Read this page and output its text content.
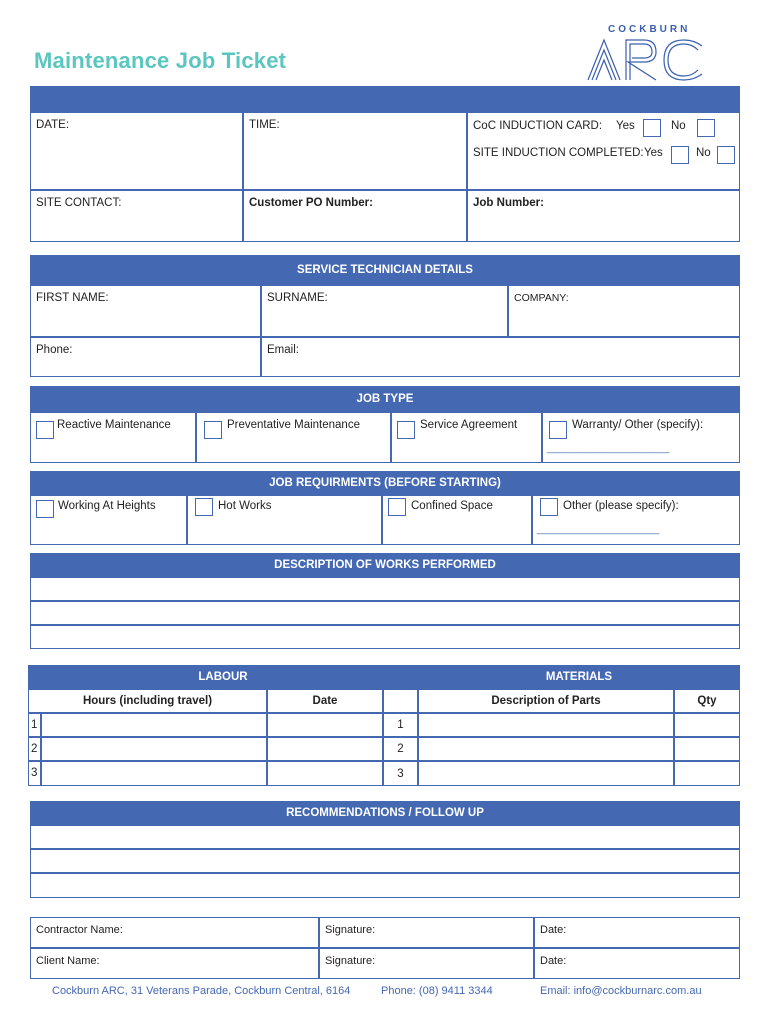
Maintenance Job Ticket
COCKBURN
DATE:	TIME:	CoC INDUCTION CARD: Yes	No
SITE INDUCTION COMPLETED: Yes	No
SITE CONTACT:	Customer PO Number:	Job Number:
SERVICE TECHNICIAN DETAILS
FIRST NAME:	SURNAME:	COMPANY:
Phone:	Email:
JOB TYPE
Reactive Maintenance	Preventative Maintenance	Service Agreement	Warranty/ Other (specify):
______________________
JOB REQUIRMENTS (BEFORE STARTING)
Working At Heights	Hot Works	Confined Space	Other (please specify):
______________________
DESCRIPTION OF WORKS PERFORMED
LABOUR	MATERIALS
Hours (including travel)	Date	Description of Parts	Qty
1	1
2	2
3	3
RECOMMENDATIONS / FOLLOW UP
Contractor Name:	Signature:	Date:
Client Name:	Signature:	Date:
Cockburn ARC, 31 Veterans Parade, Cockburn Central, 6164	Phone: (08) 9411 3344	Email: info@cockburnarc.com.au
